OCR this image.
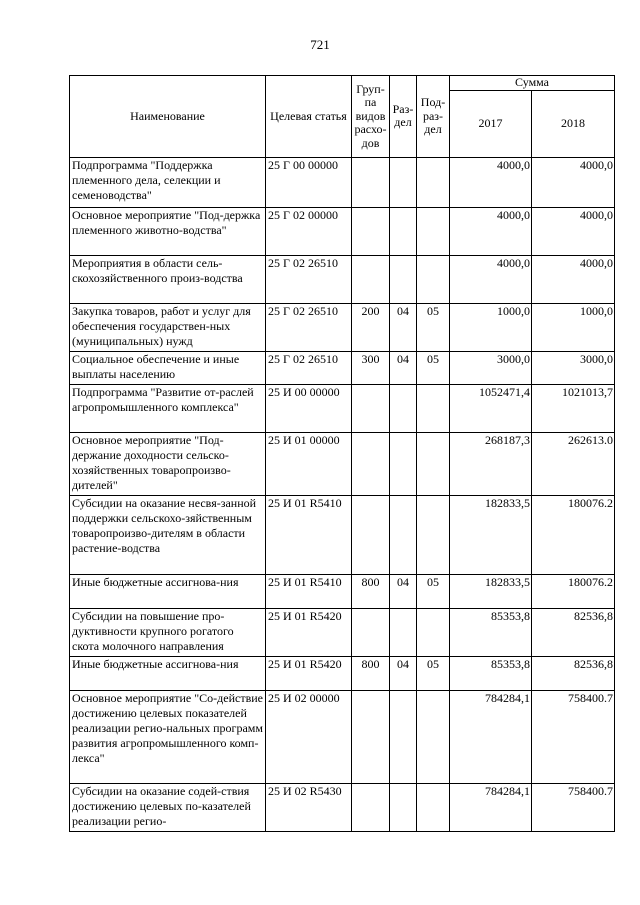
721
Наименование	Целевая статья	Груп-па видов расхо-дов	Раз-дел	Под-раз-дел	Сумма	
					2017	2018
Подпрограмма "Поддержка племенного дела, селекции и семеноводства"	25 Г 00 00000				4000,0	4000,0
Основное мероприятие "Под-держка племенного животно-водства"	25 Г 02 00000				4000,0	4000,0
Мероприятия в области сель-скохозяйственного произ-водства	25 Г 02 26510				4000,0	4000,0
Закупка товаров, работ и услуг для обеспечения государствен-ных (муниципальных) нужд	25 Г 02 26510	200	04	05	1000,0	1000,0
Социальное обеспечение и иные выплаты населению	25 Г 02 26510	300	04	05	3000,0	3000,0
Подпрограмма "Развитие от-раслей агропромышленного комплекса"	25 И 00 00000				1052471,4	1021013,7
Основное мероприятие "Под-держание доходности сельско-хозяйственных товаропроизво-дителей"	25 И 01 00000				268187,3	262613.0
Субсидии на оказание несвя-занной поддержки сельскохо-зяйственным товаропроизво-дителям в области растение-водства	25 И 01 R5410				182833,5	180076.2
Иные бюджетные ассигнова-ния	25 И 01 R5410	800	04	05	182833,5	180076.2
Субсидии на повышение про-дуктивности крупного рогатого скота молочного направления	25 И 01 R5420				85353,8	82536,8
Иные бюджетные ассигнова-ния	25 И 01 R5420	800	04	05	85353,8	82536,8
Основное мероприятие "Со-действие достижению целевых показателей реализации регио-нальных программ развития агропромышленного комп-лекса"	25 И 02 00000				784284,1	758400.7
Субсидии на оказание содей-ствия достижению целевых по-казателей реализации регио-	25 И 02 R5430				784284,1	758400.7
